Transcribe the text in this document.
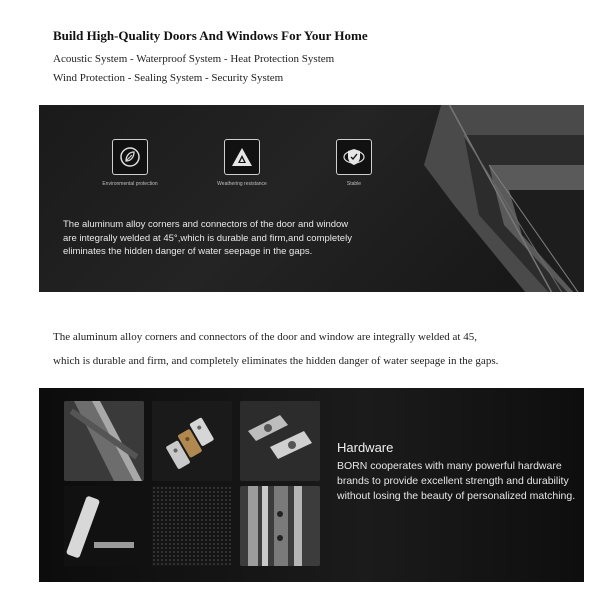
Build High-Quality Doors And Windows For Your Home

Acoustic System - Waterproof System - Heat Protection System

Wind Protection - Sealing System - Security System

Environmental protection	Weathering resistance	Stable

The aluminum alloy corners and connectors of the door and window are integrally welded at 45°,which is durable and firm,and completely eliminates the hidden danger of water seepage in the gaps.

The aluminum alloy corners and connectors of the door and window are integrally welded at 45,

which is durable and firm, and completely eliminates the hidden danger of water seepage in the gaps.

Hardware

BORN cooperates with many powerful hardware brands to provide excellent strength and durability without losing the beauty of personalized matching.
